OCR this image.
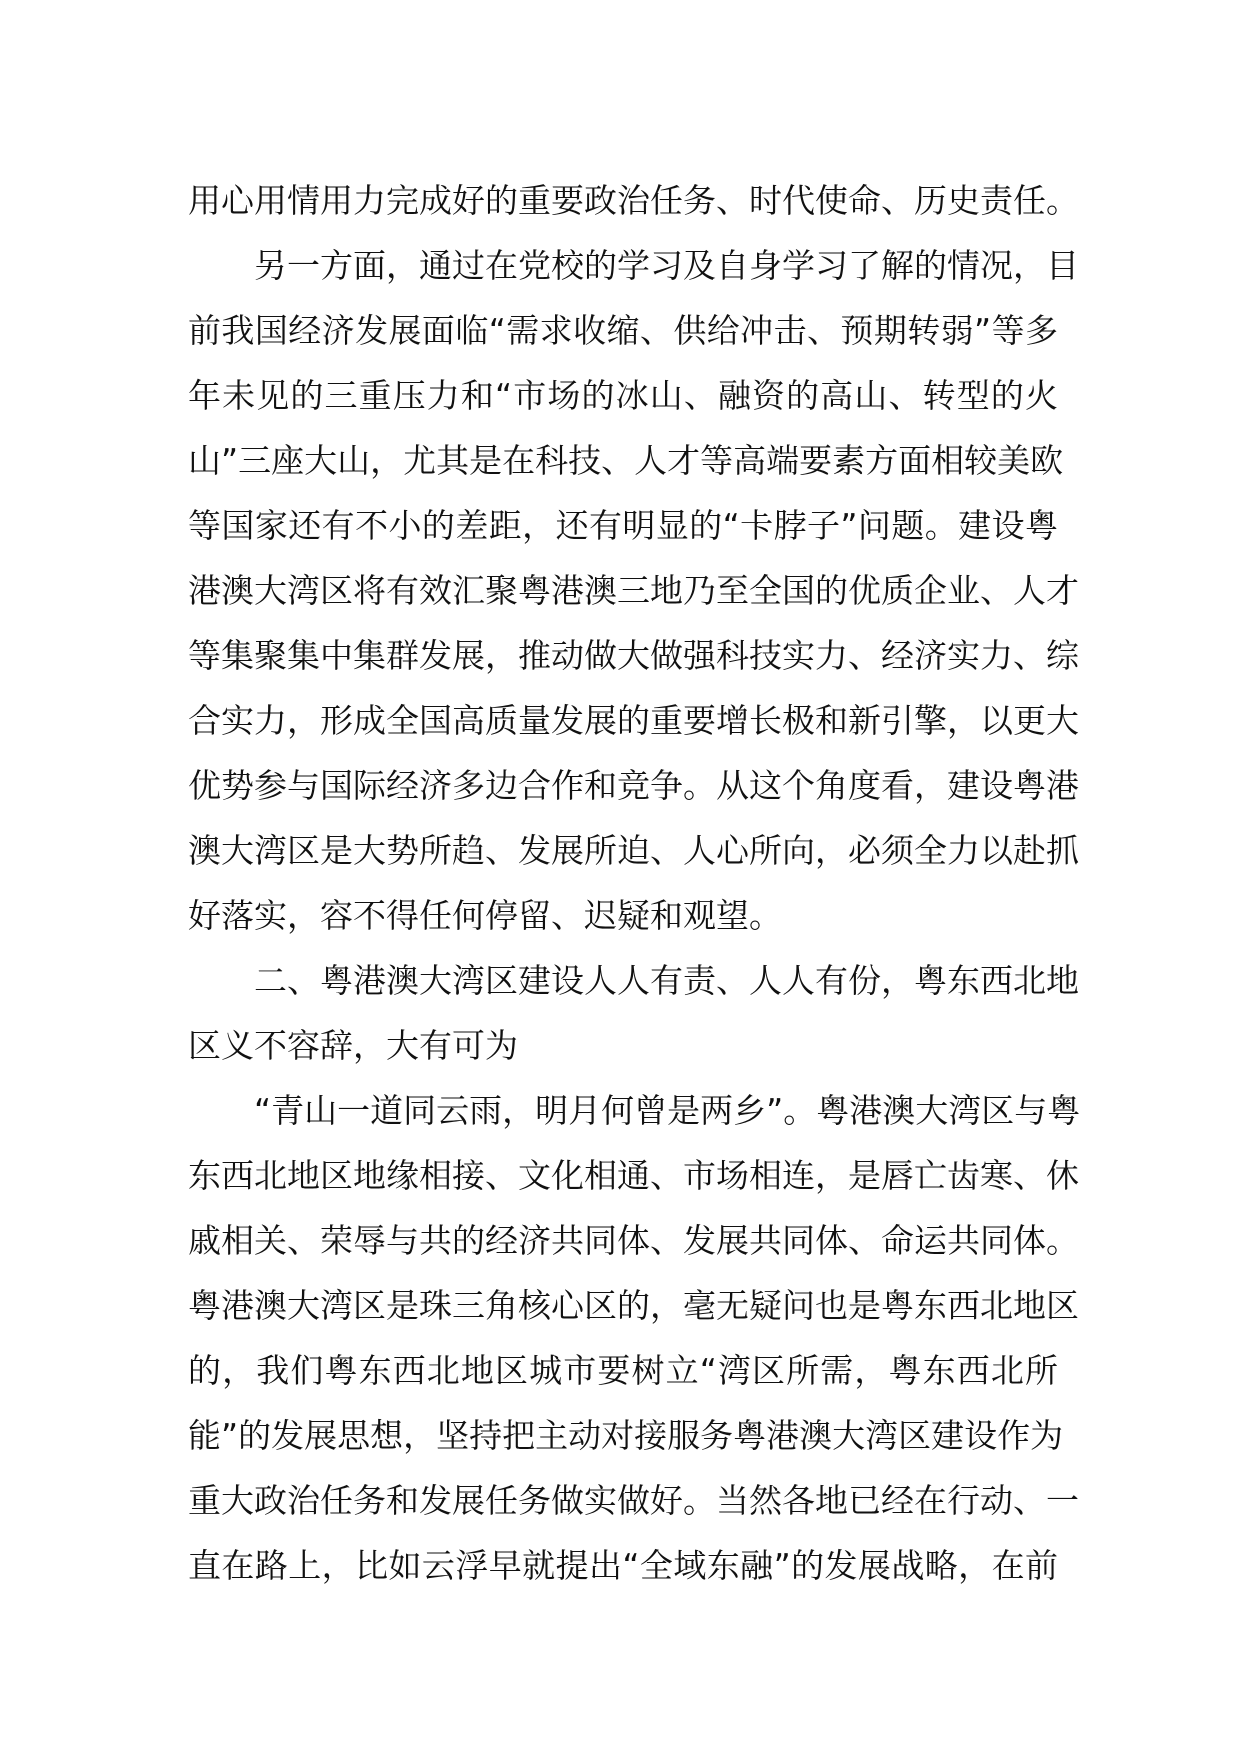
用心用情用力完成好的重要政治任务、时代使命、历史责任。
另一方面，通过在党校的学习及自身学习了解的情况，目
前我国经济发展面临“需求收缩、供给冲击、预期转弱”等多
年未见的三重压力和“市场的冰山、融资的高山、转型的火
山”三座大山，尤其是在科技、人才等高端要素方面相较美欧
等国家还有不小的差距，还有明显的“卡脖子”问题。建设粤
港澳大湾区将有效汇聚粤港澳三地乃至全国的优质企业、人才
等集聚集中集群发展，推动做大做强科技实力、经济实力、综
合实力，形成全国高质量发展的重要增长极和新引擎，以更大
优势参与国际经济多边合作和竞争。从这个角度看，建设粤港
澳大湾区是大势所趋、发展所迫、人心所向，必须全力以赴抓
好落实，容不得任何停留、迟疑和观望。
二、粤港澳大湾区建设人人有责、人人有份，粤东西北地
区义不容辞，大有可为
“青山一道同云雨，明月何曾是两乡”。粤港澳大湾区与粤
东西北地区地缘相接、文化相通、市场相连，是唇亡齿寒、休
戚相关、荣辱与共的经济共同体、发展共同体、命运共同体。
粤港澳大湾区是珠三角核心区的，毫无疑问也是粤东西北地区
的，我们粤东西北地区城市要树立“湾区所需，粤东西北所
能”的发展思想，坚持把主动对接服务粤港澳大湾区建设作为
重大政治任务和发展任务做实做好。当然各地已经在行动、一
直在路上，比如云浮早就提出“全域东融”的发展战略，在前
